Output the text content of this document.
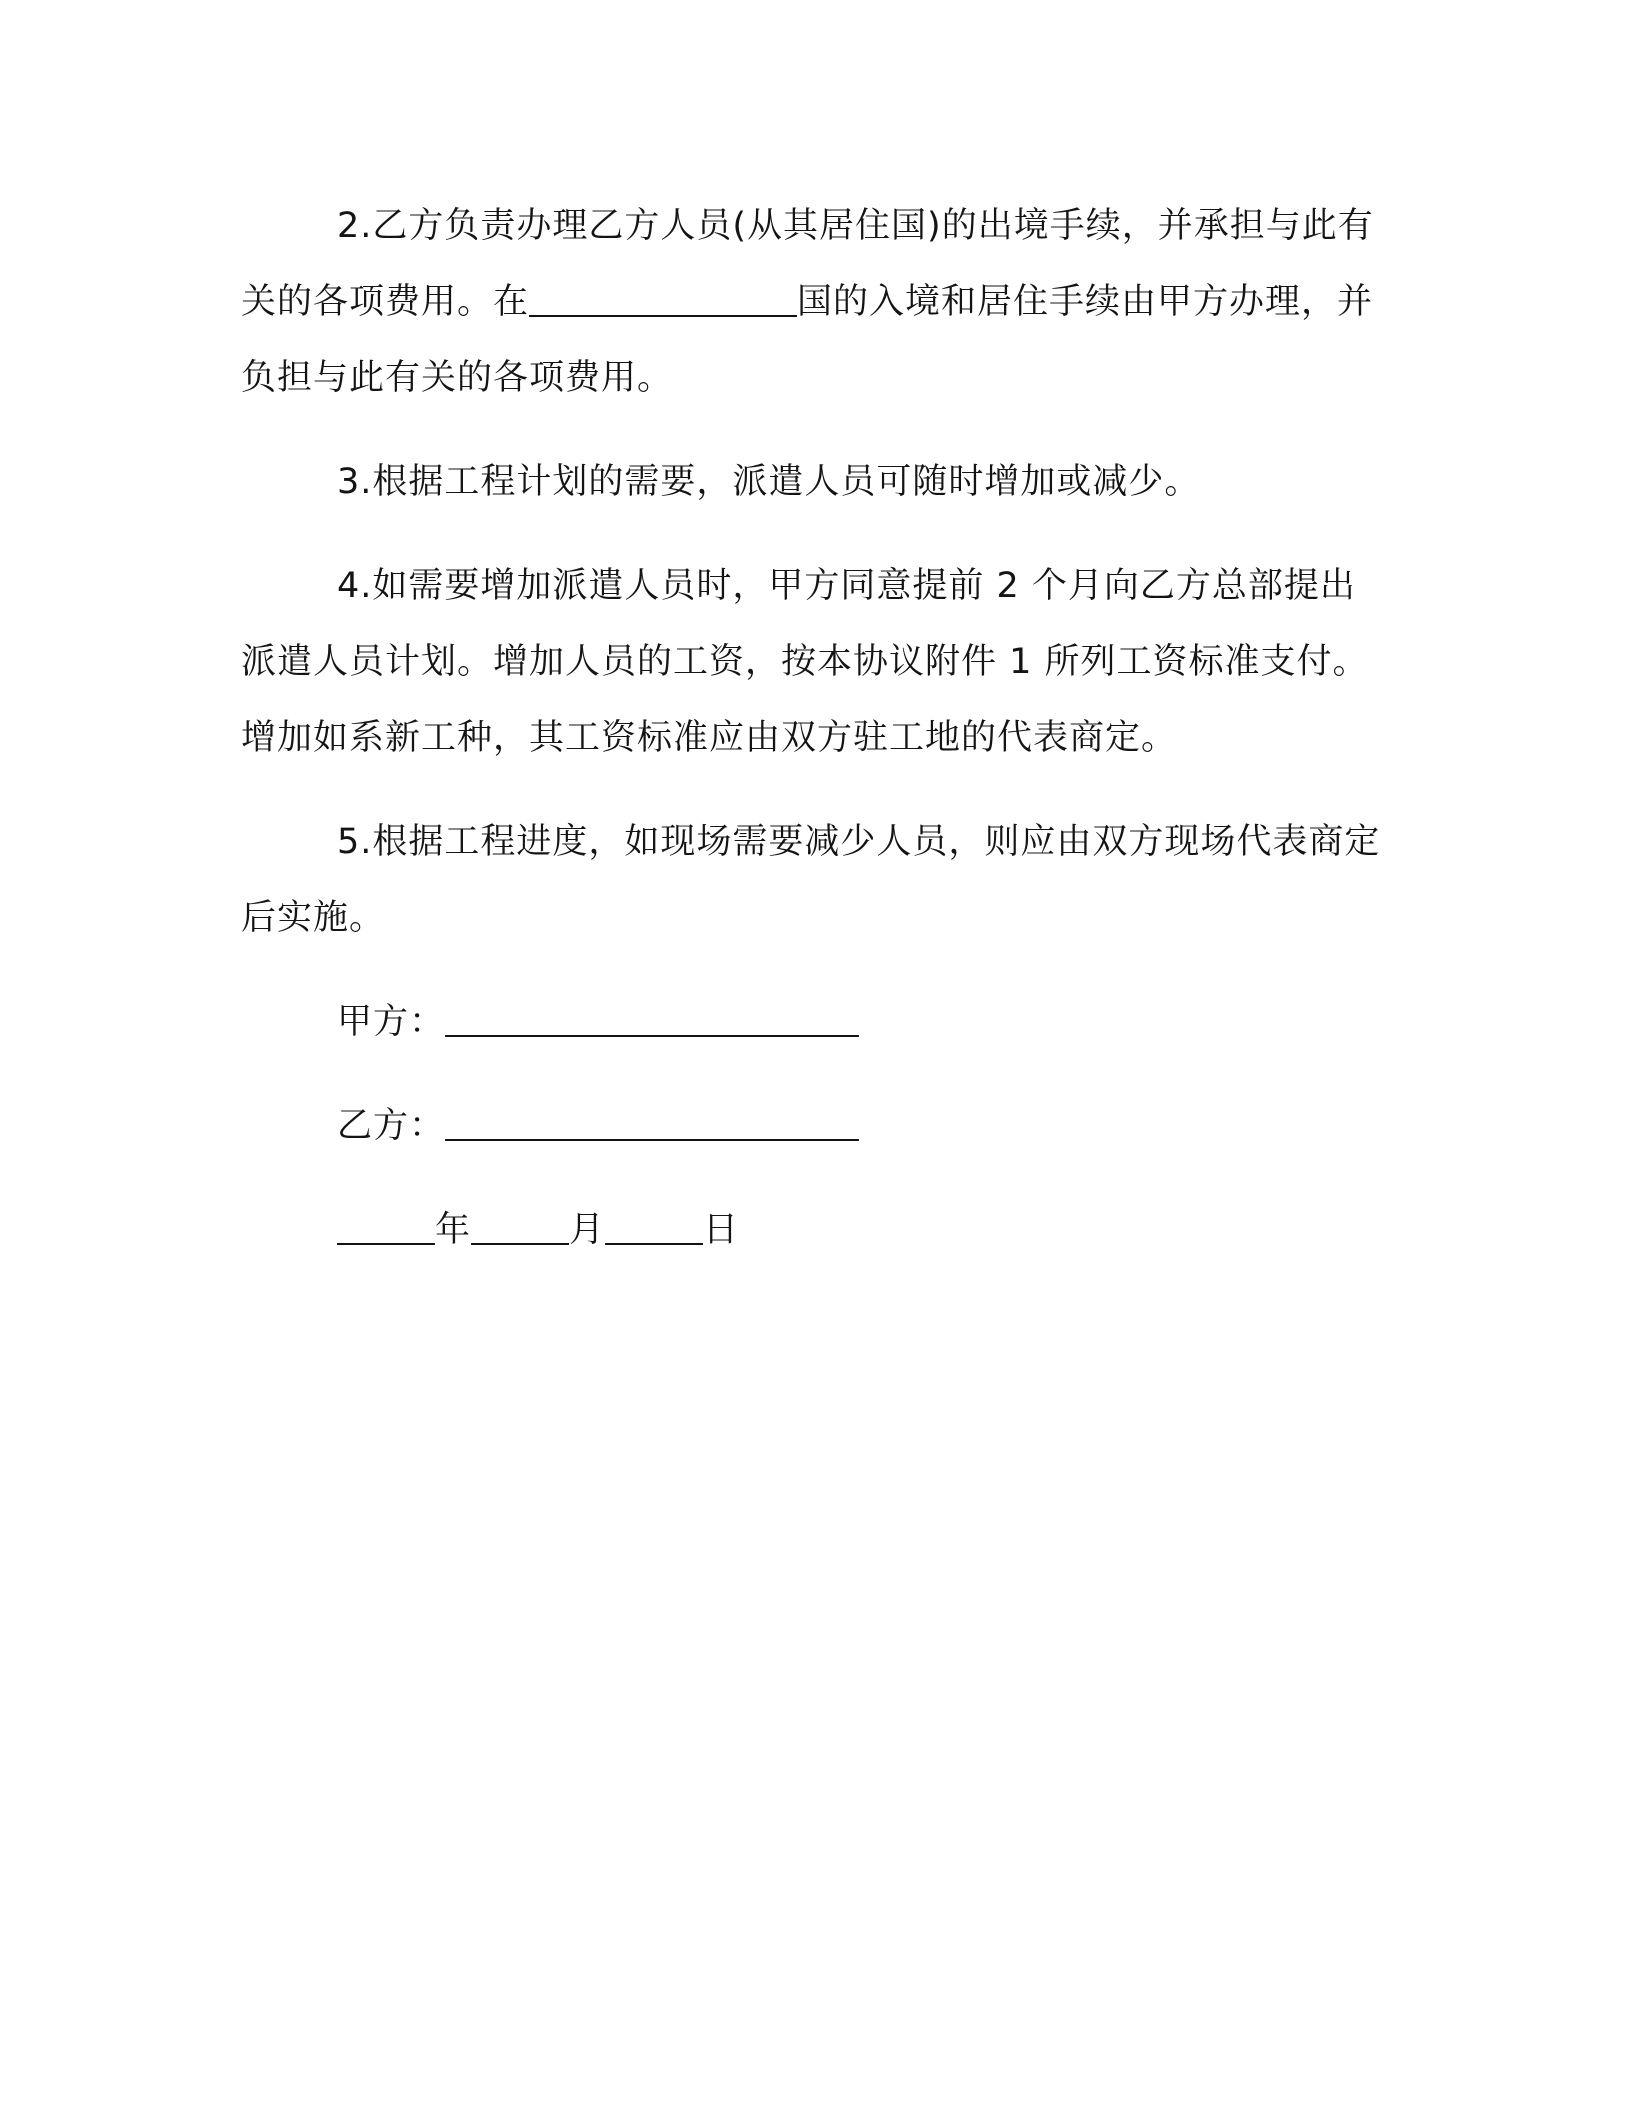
2.乙方负责办理乙方人员(从其居住国)的出境手续，并承担与此有关的各项费用。在	国的入境和居住手续由甲方办理，并负担与此有关的各项费用。

3.根据工程计划的需要，派遣人员可随时增加或减少。

4.如需要增加派遣人员时，甲方同意提前 2 个月向乙方总部提出派遣人员计划。增加人员的工资，按本协议附件 1 所列工资标准支付。增加如系新工种，其工资标准应由双方驻工地的代表商定。

5.根据工程进度，如现场需要减少人员，则应由双方现场代表商定后实施。

甲方：

乙方：

年	月	日
